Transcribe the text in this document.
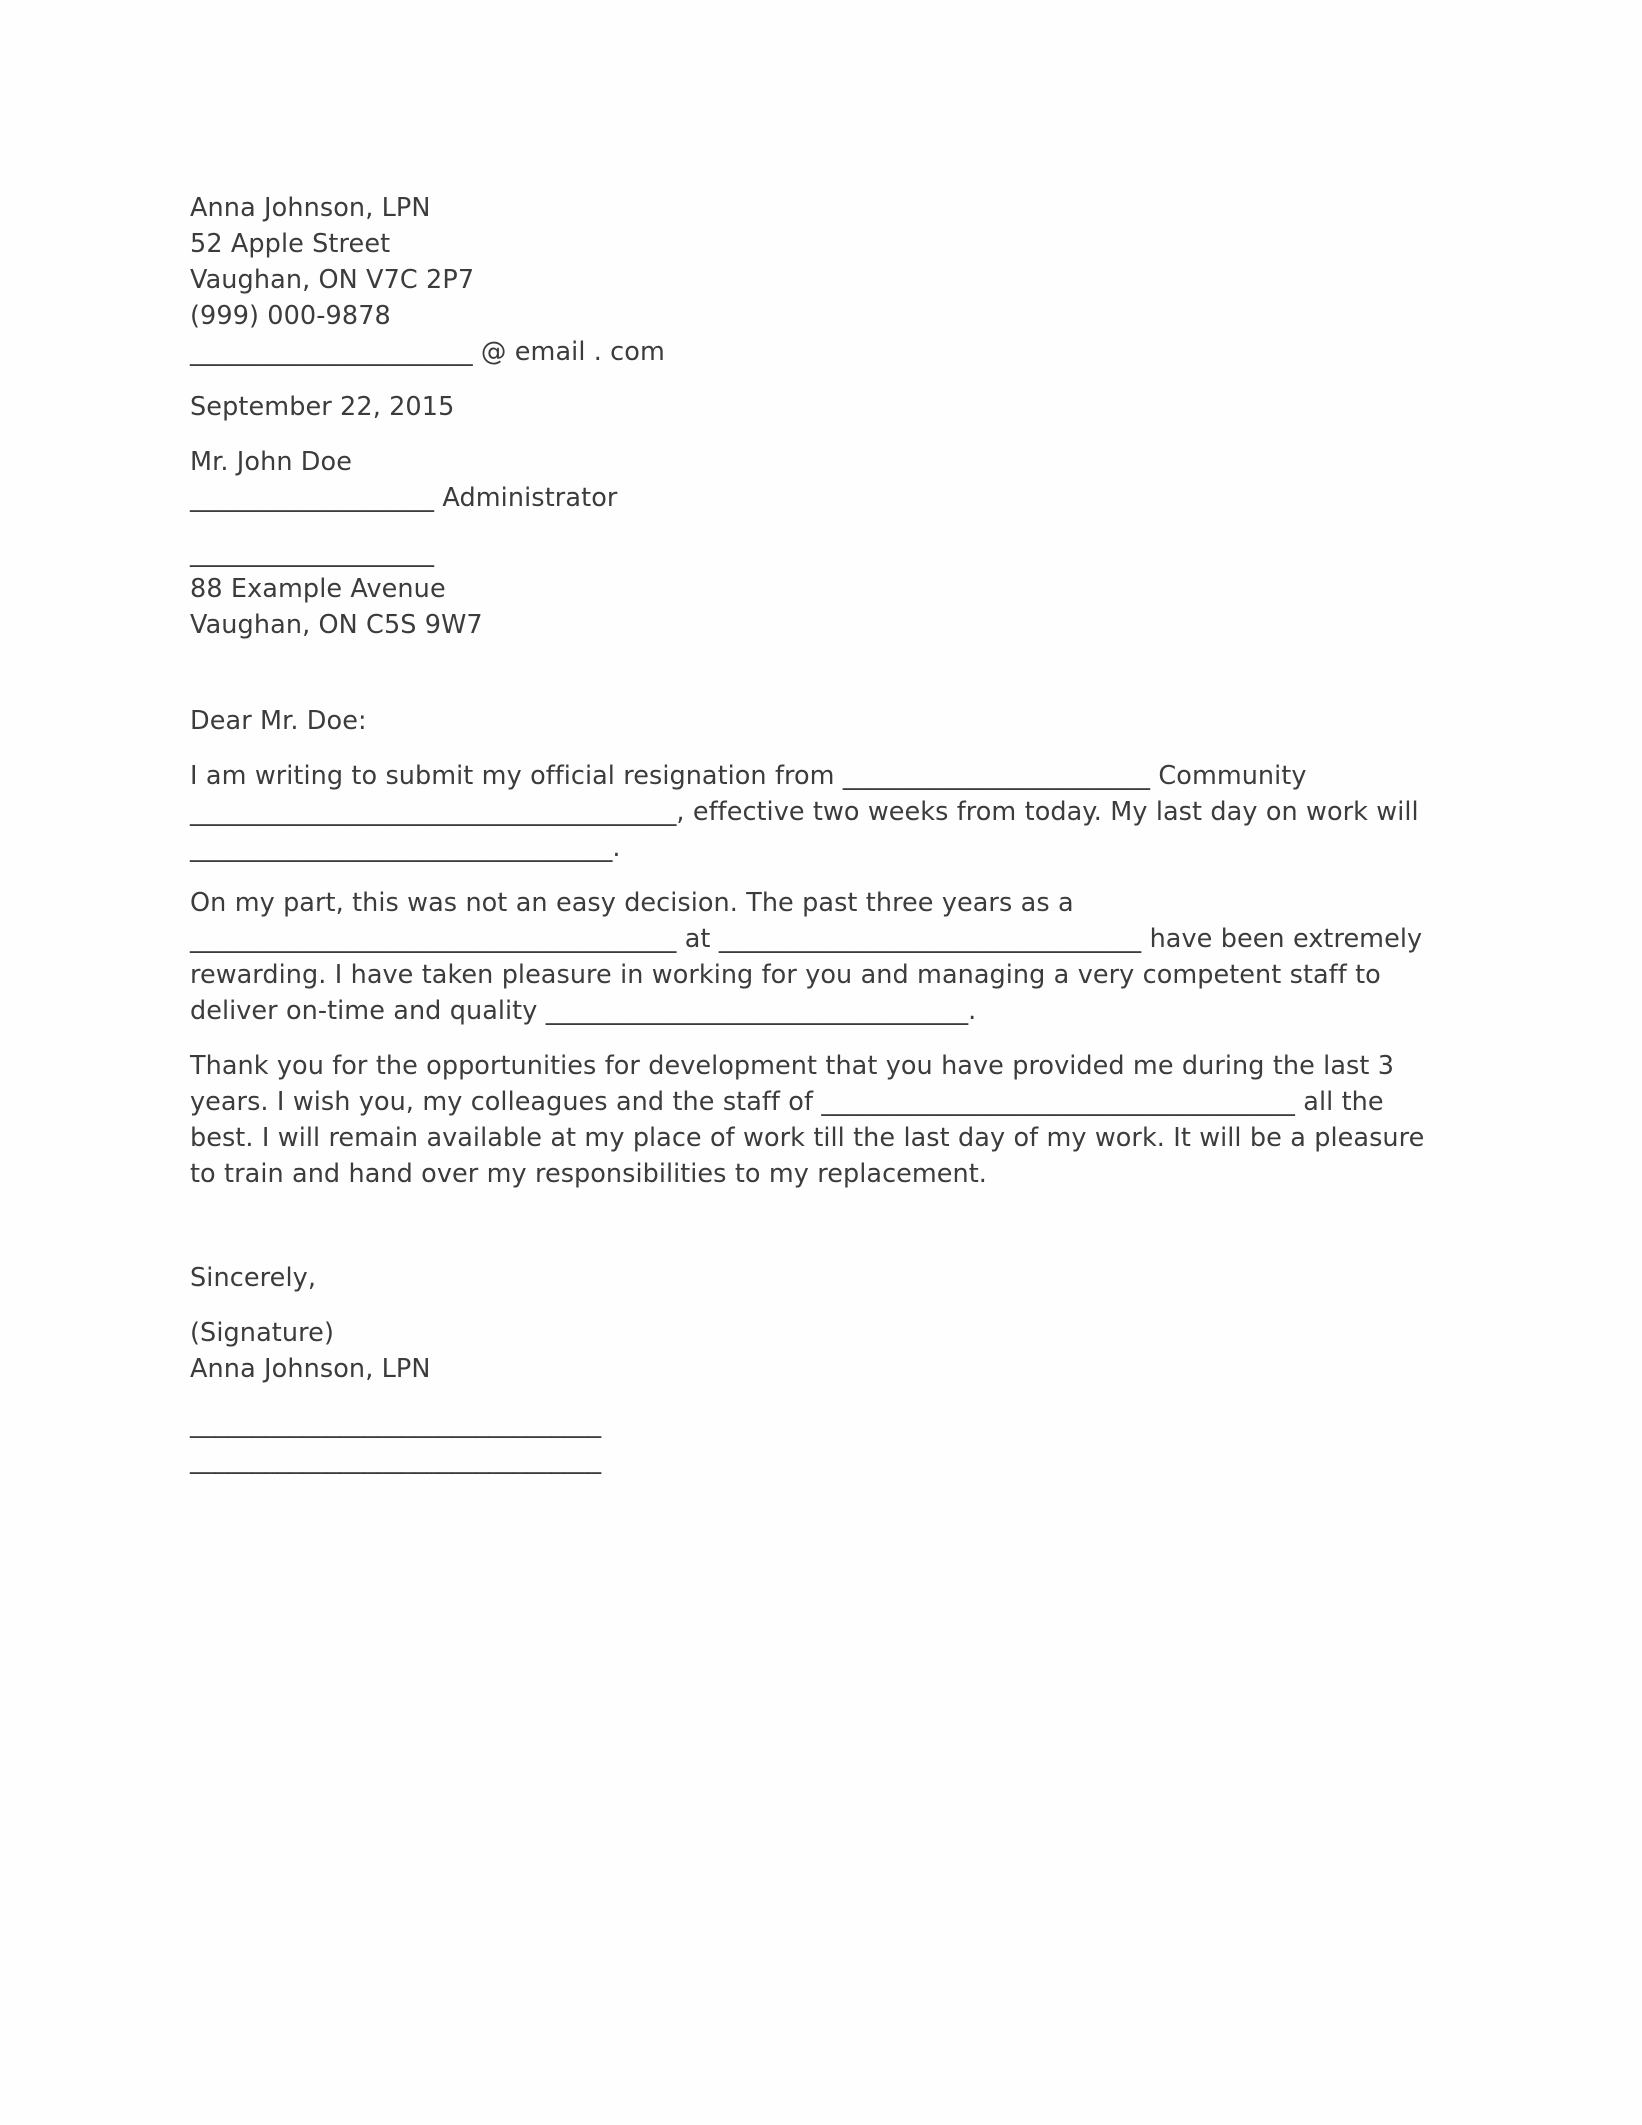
Anna Johnson, LPN
52 Apple Street
Vaughan, ON V7C 2P7
(999) 000-9878
______________________ @ email . com
September 22, 2015
Mr. John Doe
___________________ Administrator
___________________
88 Example Avenue
Vaughan, ON C5S 9W7
Dear Mr. Doe:
I am writing to submit my official resignation from ________________________ Community ______________________________________, effective two weeks from today. My last day on work will _________________________________.
On my part, this was not an easy decision. The past three years as a ______________________________________ at _________________________________ have been extremely rewarding. I have taken pleasure in working for you and managing a very competent staff to deliver on-time and quality _________________________________.
Thank you for the opportunities for development that you have provided me during the last 3 years. I wish you, my colleagues and the staff of _____________________________________ all the best. I will remain available at my place of work till the last day of my work. It will be a pleasure to train and hand over my responsibilities to my replacement.
Sincerely,
(Signature)
Anna Johnson, LPN
_________________________________
_________________________________
